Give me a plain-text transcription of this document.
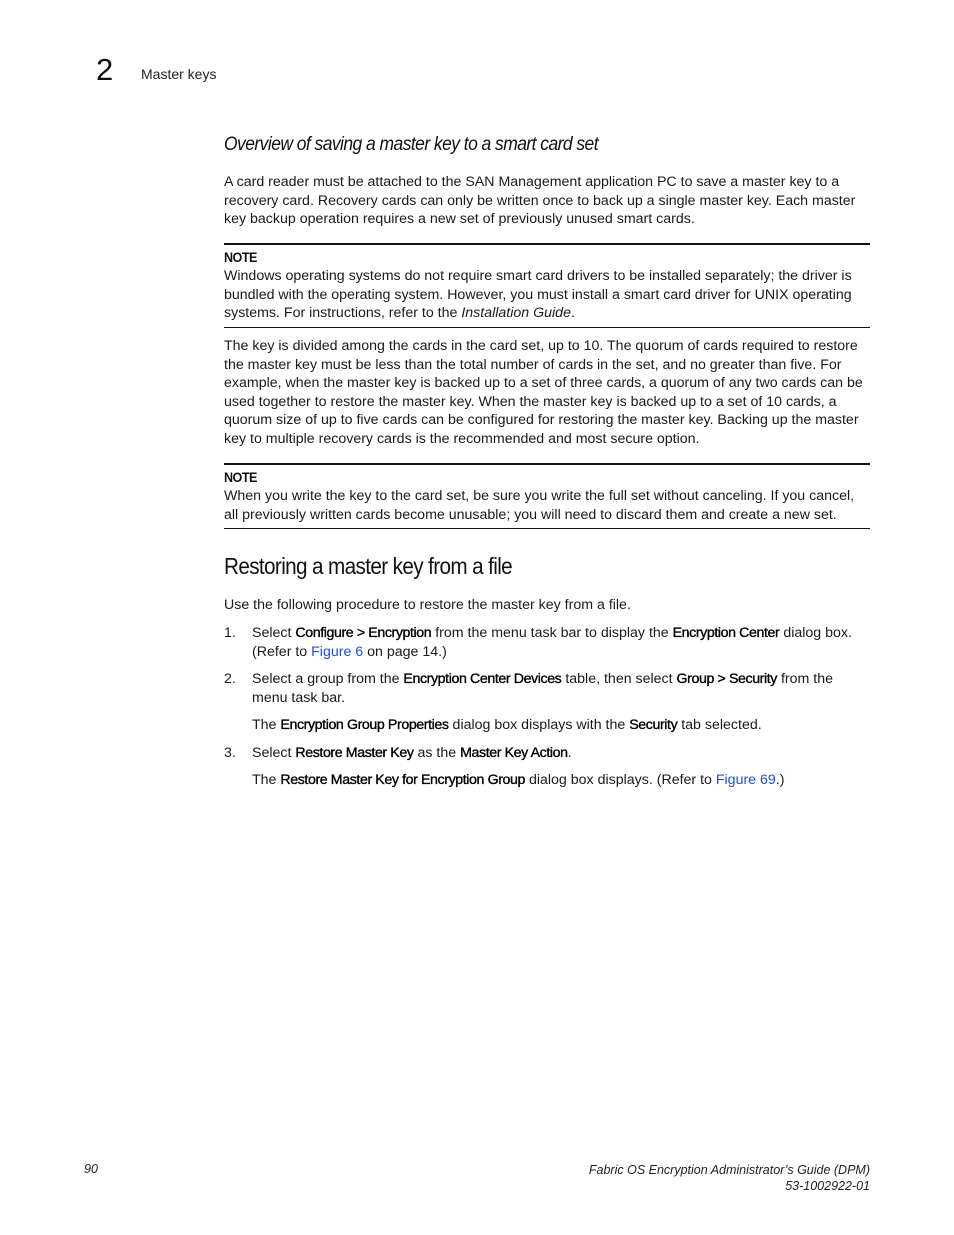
2 Master keys
Overview of saving a master key to a smart card set
A card reader must be attached to the SAN Management application PC to save a master key to a recovery card. Recovery cards can only be written once to back up a single master key. Each master key backup operation requires a new set of previously unused smart cards.
NOTE
Windows operating systems do not require smart card drivers to be installed separately; the driver is bundled with the operating system. However, you must install a smart card driver for UNIX operating systems. For instructions, refer to the Installation Guide.
The key is divided among the cards in the card set, up to 10. The quorum of cards required to restore the master key must be less than the total number of cards in the set, and no greater than five. For example, when the master key is backed up to a set of three cards, a quorum of any two cards can be used together to restore the master key. When the master key is backed up to a set of 10 cards, a quorum size of up to five cards can be configured for restoring the master key. Backing up the master key to multiple recovery cards is the recommended and most secure option.
NOTE
When you write the key to the card set, be sure you write the full set without canceling. If you cancel, all previously written cards become unusable; you will need to discard them and create a new set.
Restoring a master key from a file
Use the following procedure to restore the master key from a file.
1. Select Configure > Encryption from the menu task bar to display the Encryption Center dialog box. (Refer to Figure 6 on page 14.)
2. Select a group from the Encryption Center Devices table, then select Group > Security from the menu task bar.
The Encryption Group Properties dialog box displays with the Security tab selected.
3. Select Restore Master Key as the Master Key Action.
The Restore Master Key for Encryption Group dialog box displays. (Refer to Figure 69.)
90	Fabric OS Encryption Administrator’s Guide (DPM)
53-1002922-01
